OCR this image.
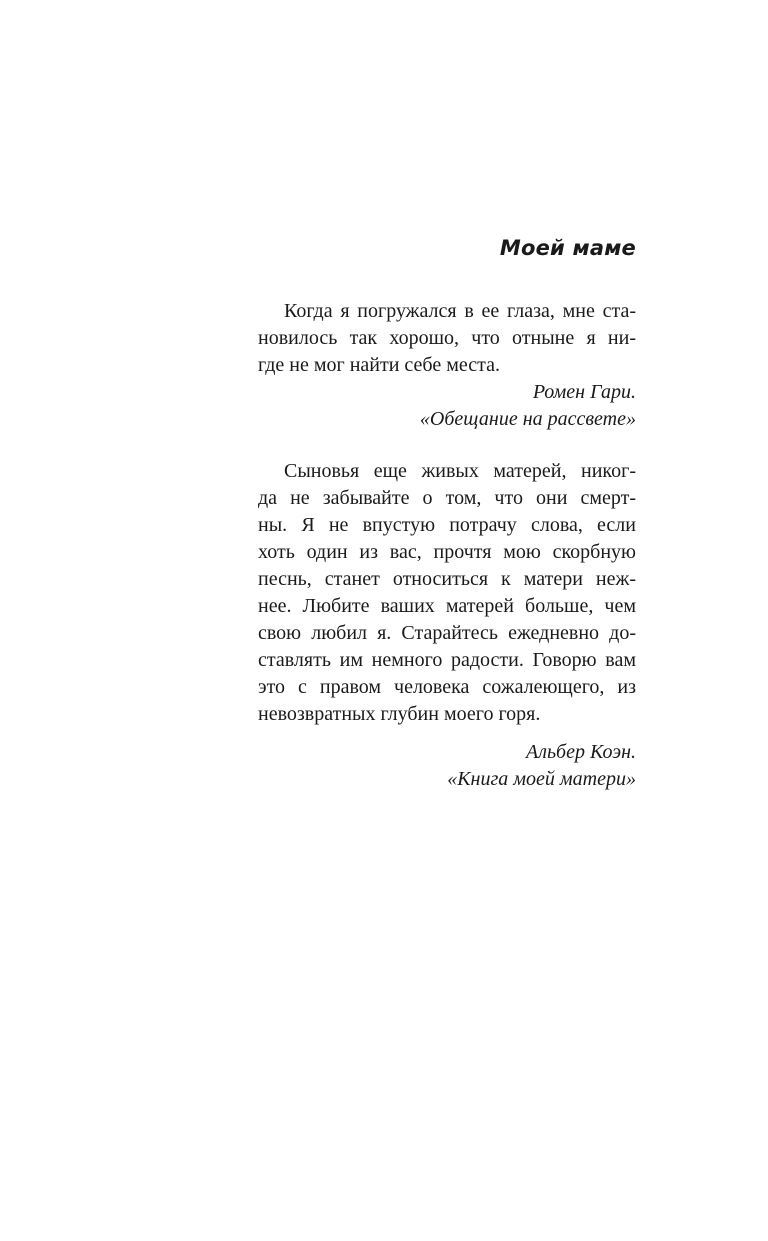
Моей маме
Когда я погружался в ее глаза, мне ста-
новилось так хорошо, что отныне я ни-
где не мог найти себе места.
Ромен Гари.
«Обещание на рассвете»
Сыновья еще живых матерей, никог-
да не забывайте о том, что они смерт-
ны. Я не впустую потрачу слова, если
хоть один из вас, прочтя мою скорбную
песнь, станет относиться к матери неж-
нее. Любите ваших матерей больше, чем
свою любил я. Старайтесь ежедневно до-
ставлять им немного радости. Говорю вам
это с правом человека сожалеющего, из
невозвратных глубин моего горя.
Альбер Коэн.
«Книга моей матери»
